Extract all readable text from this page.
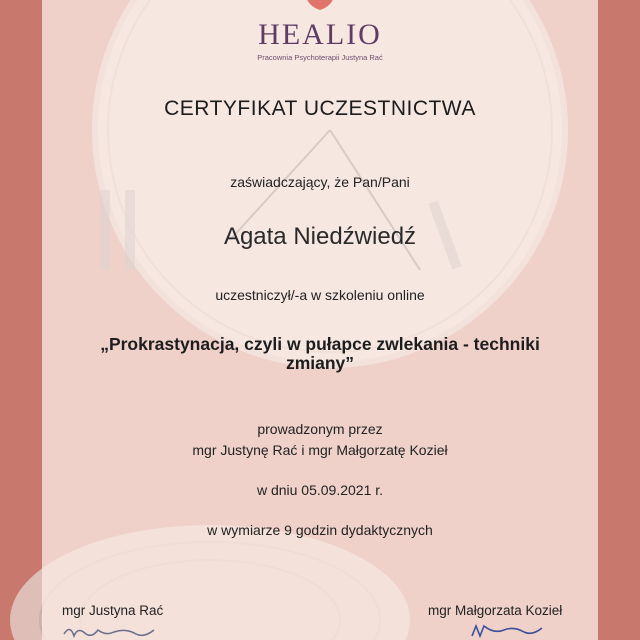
HEALIO
Pracownia Psychoterapii Justyna Rać
CERTYFIKAT UCZESTNICTWA
zaświadczający, że Pan/Pani
Agata Niedźwiedź
uczestniczył/-a w szkoleniu online
„Prokrastynacja, czyli w pułapce zwlekania - techniki zmiany”
prowadzonym przez
mgr Justynę Rać i mgr Małgorzatę Kozieł
w dniu 05.09.2021 r.
w wymiarze 9 godzin dydaktycznych
mgr Justyna Rać	mgr Małgorzata Kozieł
